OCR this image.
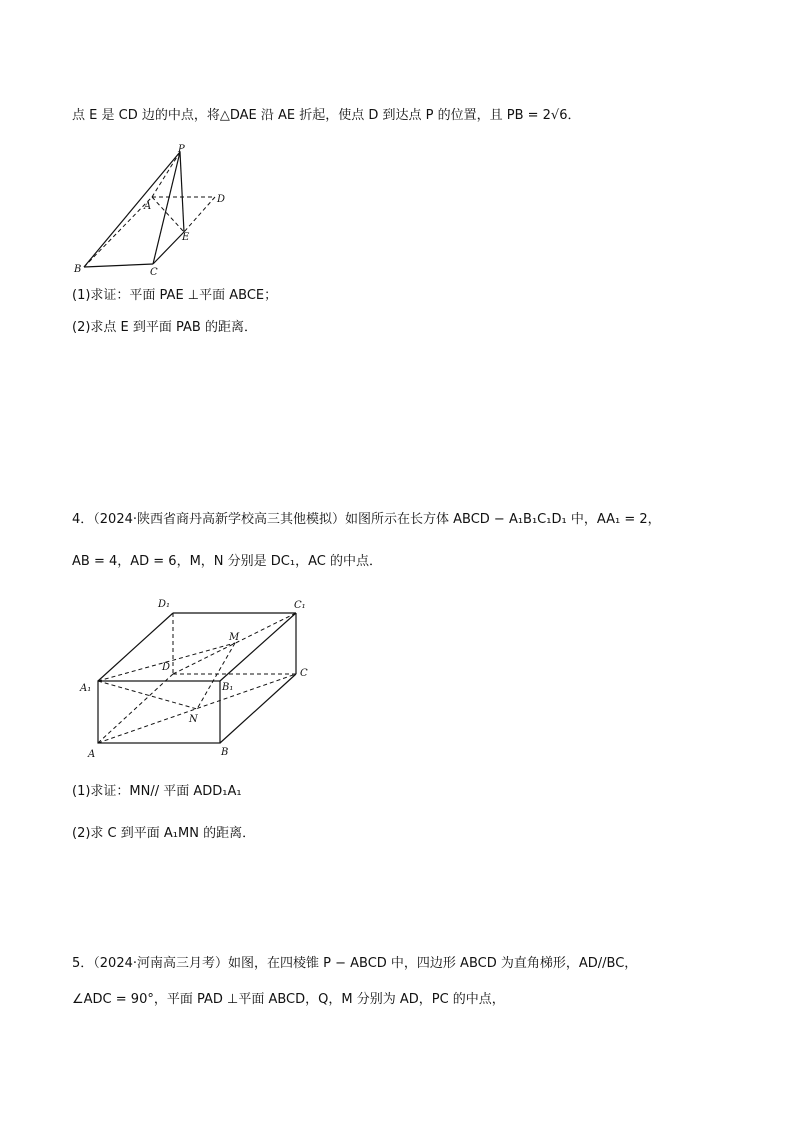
点 E 是 CD 边的中点，将△DAE 沿 AE 折起，使点 D 到达点 P 的位置，且 PB = 2√6．
P
A
D
E
B	C
(1)求证：平面 PAE ⊥平面 ABCE；
(2)求点 E 到平面 PAB 的距离．
4．（2024·陕西省商丹高新学校高三其他模拟）如图所示在长方体 ABCD − A₁B₁C₁D₁ 中，AA₁ = 2，
AB = 4，AD = 6，M，N 分别是 DC₁，AC 的中点．
D₁	C₁
M
D
C
A₁	B₁
N
A	B
(1)求证：MN// 平面 ADD₁A₁
(2)求 C 到平面 A₁MN 的距离．
5．（2024·河南高三月考）如图，在四棱锥 P − ABCD 中，四边形 ABCD 为直角梯形，AD//BC，
∠ADC = 90°，平面 PAD ⊥平面 ABCD，Q，M 分别为 AD，PC 的中点，
